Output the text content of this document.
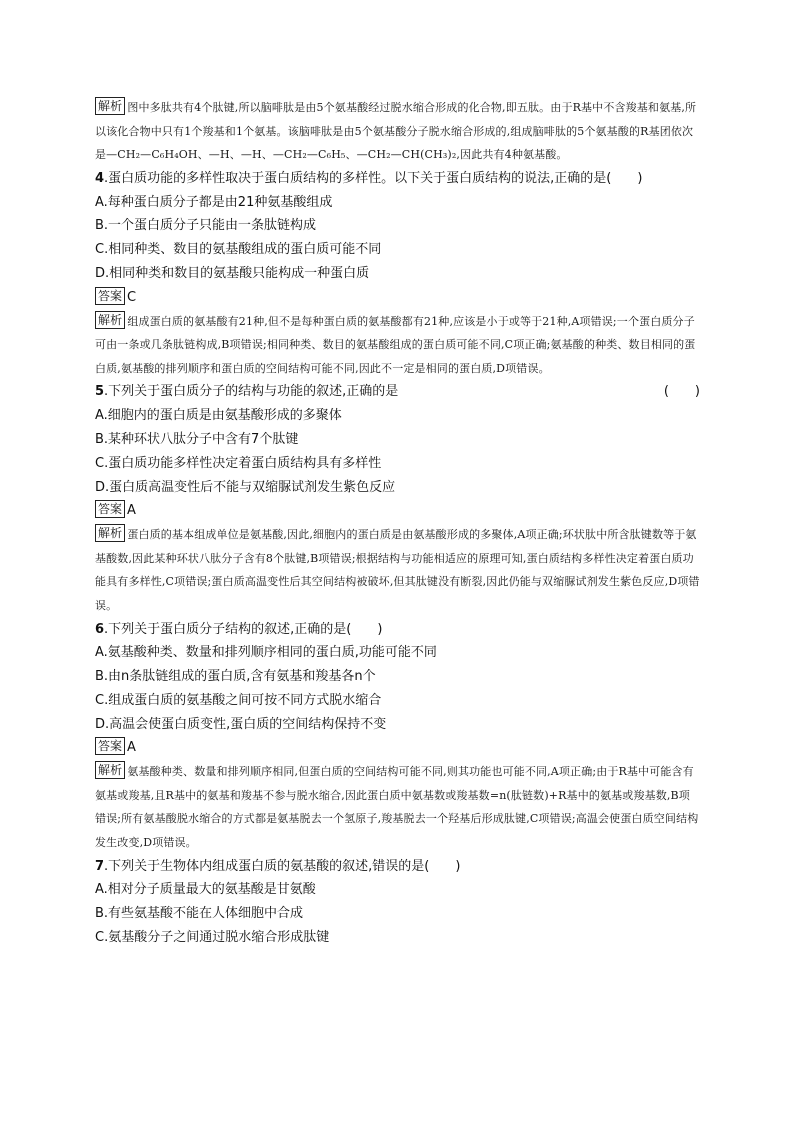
解析 图中多肽共有4个肽键,所以脑啡肽是由5个氨基酸经过脱水缩合形成的化合物,即五肽。由于R基中不含羧基和氨基,所以该化合物中只有1个羧基和1个氨基。该脑啡肽是由5个氨基酸分子脱水缩合形成的,组成脑啡肽的5个氨基酸的R基团依次是—CH₂—C₆H₄OH、—H、—H、—CH₂—C₆H₅、—CH₂—CH(CH₃)₂,因此共有4种氨基酸。

4.蛋白质功能的多样性取决于蛋白质结构的多样性。以下关于蛋白质结构的说法,正确的是(　　)

A.每种蛋白质分子都是由21种氨基酸组成

B.一个蛋白质分子只能由一条肽链构成

C.相同种类、数目的氨基酸组成的蛋白质可能不同

D.相同种类和数目的氨基酸只能构成一种蛋白质

答案 C

解析 组成蛋白质的氨基酸有21种,但不是每种蛋白质的氨基酸都有21种,应该是小于或等于21种,A项错误;一个蛋白质分子可由一条或几条肽链构成,B项错误;相同种类、数目的氨基酸组成的蛋白质可能不同,C项正确;氨基酸的种类、数目相同的蛋白质,氨基酸的排列顺序和蛋白质的空间结构可能不同,因此不一定是相同的蛋白质,D项错误。

5.下列关于蛋白质分子的结构与功能的叙述,正确的是	(　　)

A.细胞内的蛋白质是由氨基酸形成的多聚体

B.某种环状八肽分子中含有7个肽键

C.蛋白质功能多样性决定着蛋白质结构具有多样性

D.蛋白质高温变性后不能与双缩脲试剂发生紫色反应

答案 A

解析 蛋白质的基本组成单位是氨基酸,因此,细胞内的蛋白质是由氨基酸形成的多聚体,A项正确;环状肽中所含肽键数等于氨基酸数,因此某种环状八肽分子含有8个肽键,B项错误;根据结构与功能相适应的原理可知,蛋白质结构多样性决定着蛋白质功能具有多样性,C项错误;蛋白质高温变性后其空间结构被破坏,但其肽键没有断裂,因此仍能与双缩脲试剂发生紫色反应,D项错误。

6.下列关于蛋白质分子结构的叙述,正确的是(　　)

A.氨基酸种类、数量和排列顺序相同的蛋白质,功能可能不同

B.由n条肽链组成的蛋白质,含有氨基和羧基各n个

C.组成蛋白质的氨基酸之间可按不同方式脱水缩合

D.高温会使蛋白质变性,蛋白质的空间结构保持不变

答案 A

解析 氨基酸种类、数量和排列顺序相同,但蛋白质的空间结构可能不同,则其功能也可能不同,A项正确;由于R基中可能含有氨基或羧基,且R基中的氨基和羧基不参与脱水缩合,因此蛋白质中氨基数或羧基数=n(肽链数)+R基中的氨基或羧基数,B项错误;所有氨基酸脱水缩合的方式都是氨基脱去一个氢原子,羧基脱去一个羟基后形成肽键,C项错误;高温会使蛋白质空间结构发生改变,D项错误。

7.下列关于生物体内组成蛋白质的氨基酸的叙述,错误的是(　　)

A.相对分子质量最大的氨基酸是甘氨酸

B.有些氨基酸不能在人体细胞中合成

C.氨基酸分子之间通过脱水缩合形成肽键
